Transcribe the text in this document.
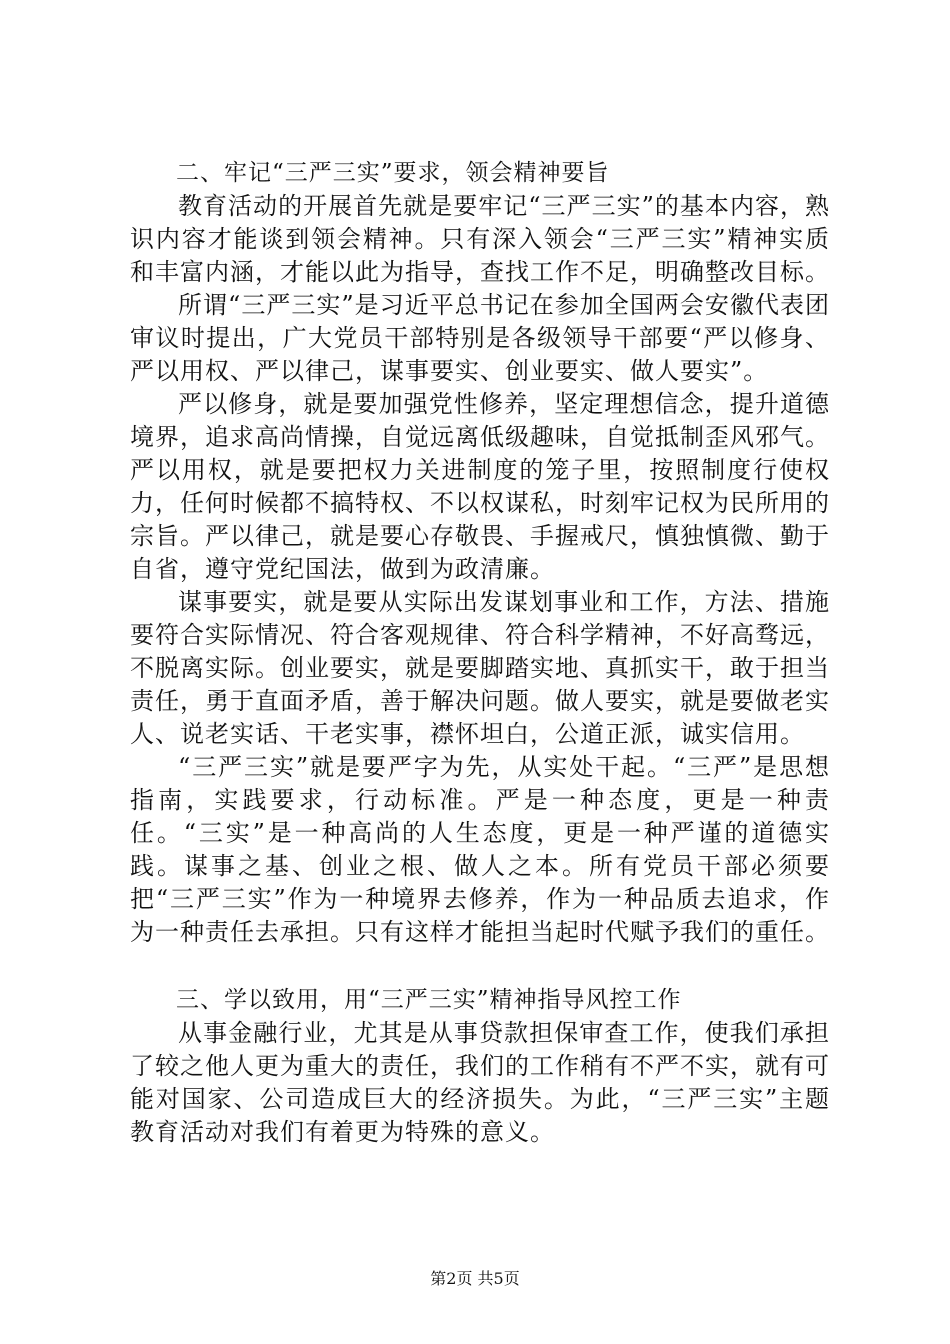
二、牢记“三严三实”要求，领会精神要旨

教育活动的开展首先就是要牢记“三严三实”的基本内容，熟识内容才能谈到领会精神。只有深入领会“三严三实”精神实质和丰富内涵，才能以此为指导，查找工作不足，明确整改目标。

所谓“三严三实”是习近平总书记在参加全国两会安徽代表团审议时提出，广大党员干部特别是各级领导干部要“严以修身、严以用权、严以律己，谋事要实、创业要实、做人要实”。

严以修身，就是要加强党性修养，坚定理想信念，提升道德境界，追求高尚情操，自觉远离低级趣味，自觉抵制歪风邪气。严以用权，就是要把权力关进制度的笼子里，按照制度行使权力，任何时候都不搞特权、不以权谋私，时刻牢记权为民所用的宗旨。严以律己，就是要心存敬畏、手握戒尺，慎独慎微、勤于自省，遵守党纪国法，做到为政清廉。

谋事要实，就是要从实际出发谋划事业和工作，方法、措施要符合实际情况、符合客观规律、符合科学精神，不好高骛远，不脱离实际。创业要实，就是要脚踏实地、真抓实干，敢于担当责任，勇于直面矛盾，善于解决问题。做人要实，就是要做老实人、说老实话、干老实事，襟怀坦白，公道正派，诚实信用。

“三严三实”就是要严字为先，从实处干起。“三严”是思想指南，实践要求，行动标准。严是一种态度，更是一种责任。“三实”是一种高尚的人生态度，更是一种严谨的道德实践。谋事之基、创业之根、做人之本。所有党员干部必须要把“三严三实”作为一种境界去修养，作为一种品质去追求，作为一种责任去承担。只有这样才能担当起时代赋予我们的重任。

三、学以致用，用“三严三实”精神指导风控工作

从事金融行业，尤其是从事贷款担保审查工作，使我们承担了较之他人更为重大的责任，我们的工作稍有不严不实，就有可能对国家、公司造成巨大的经济损失。为此，“三严三实”主题教育活动对我们有着更为特殊的意义。

第2页 共5页
